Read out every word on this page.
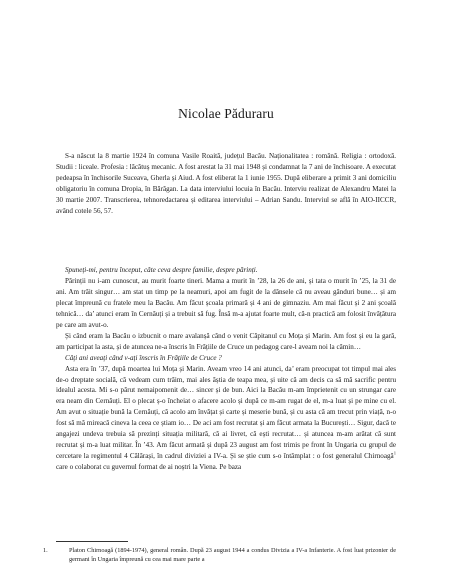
Nicolae Păduraru

S-a născut la 8 martie 1924 în comuna Vasile Roaită, județul Bacău. Naționalitatea : română. Religia : ortodoxă. Studii : liceale. Profesia : lăcătuș mecanic. A fost arestat la 31 mai 1948 și condamnat la 7 ani de închisoare. A executat pedeapsa în închisorile Suceava, Gherla și Aiud. A fost eliberat la 1 iunie 1955. După eliberare a primit 3 ani domiciliu obligatoriu în comuna Dropia, în Bărăgan. La data interviului locuia în Bacău. Interviu realizat de Alexandru Matei la 30 martie 2007. Transcrierea, tehnoredactarea și editarea interviului – Adrian Sandu. Interviul se află în AIO-IICCR, având cotele 56, 57.

Spuneți-mi, pentru început, câte ceva despre familie, despre părinți.

Părinții nu i-am cunoscut, au murit foarte tineri. Mama a murit în ’28, la 26 de ani, și tata o murit în ’25, la 31 de ani. Am trăit singur… am stat un timp pe la neamuri, apoi am fugit de la dânsele că nu aveau gânduri bune… și am plecat împreună cu fratele meu la Bacău. Am făcut școala primară și 4 ani de gimnaziu. Am mai făcut și 2 ani școală tehnică… da’ atunci eram în Cernăuți și a trebuit să fug. Însă m-a ajutat foarte mult, că-n practică am folosit învățătura pe care am avut-o.

Și când eram la Bacău o izbucnit o mare avalanșă când o venit Căpitanul cu Moța și Marin. Am fost și eu la gară, am participat la asta, și de atuncea ne-a înscris în Frățiile de Cruce un pedagog care-l aveam noi la cămin…

Câți ani aveați când v-ați înscris în Frățiile de Cruce ?

Asta era în ’37, după moartea lui Moța și Marin. Aveam vreo 14 ani atunci, da’ eram preocupat tot timpul mai ales de-o dreptate socială, că vedeam cum trăim, mai ales ăștia de teapa mea, și uite că am decis ca să mă sacrific pentru idealul acesta. Mi s-o părut nemaipomenit de… sincer și de bun. Aici la Bacău m-am împrietenit cu un strungar care era neam din Cernăuți. El o plecat ș-o încheiat o afacere acolo și după ce m-am rugat de el, m-a luat și pe mine cu el. Am avut o situație bună la Cernăuți, că acolo am învățat și carte și meserie bună, și cu asta că am trecut prin viață, n-o fost să mă mireacă cineva la ceea ce știam io… De aci am fost recrutat și am făcut armata la București… Sigur, dacă te angajezi undeva trebuia să prezinți situația militară, că ai livret, că ești recrutat… și atuncea m-am arătat că sunt recrutat și m-a luat militar. În ’43. Am făcut armată și după 23 august am fost trimis pe front în Ungaria cu grupul de cercetare la regimentul 4 Călărași, în cadrul diviziei a IV-a. Și se știe cum s-o întâmplat : o fost generalul Chirnoagă$^1$ care o colaborat cu guvernul format de ai noștri la Viena. Pe baza

1.	Platon Chirnoagă (1894-1974), general român. După 23 august 1944 a condus Divizia a IV-a Infanterie. A fost luat prizonier de germani în Ungaria împreună cu cea mai mare parte a
